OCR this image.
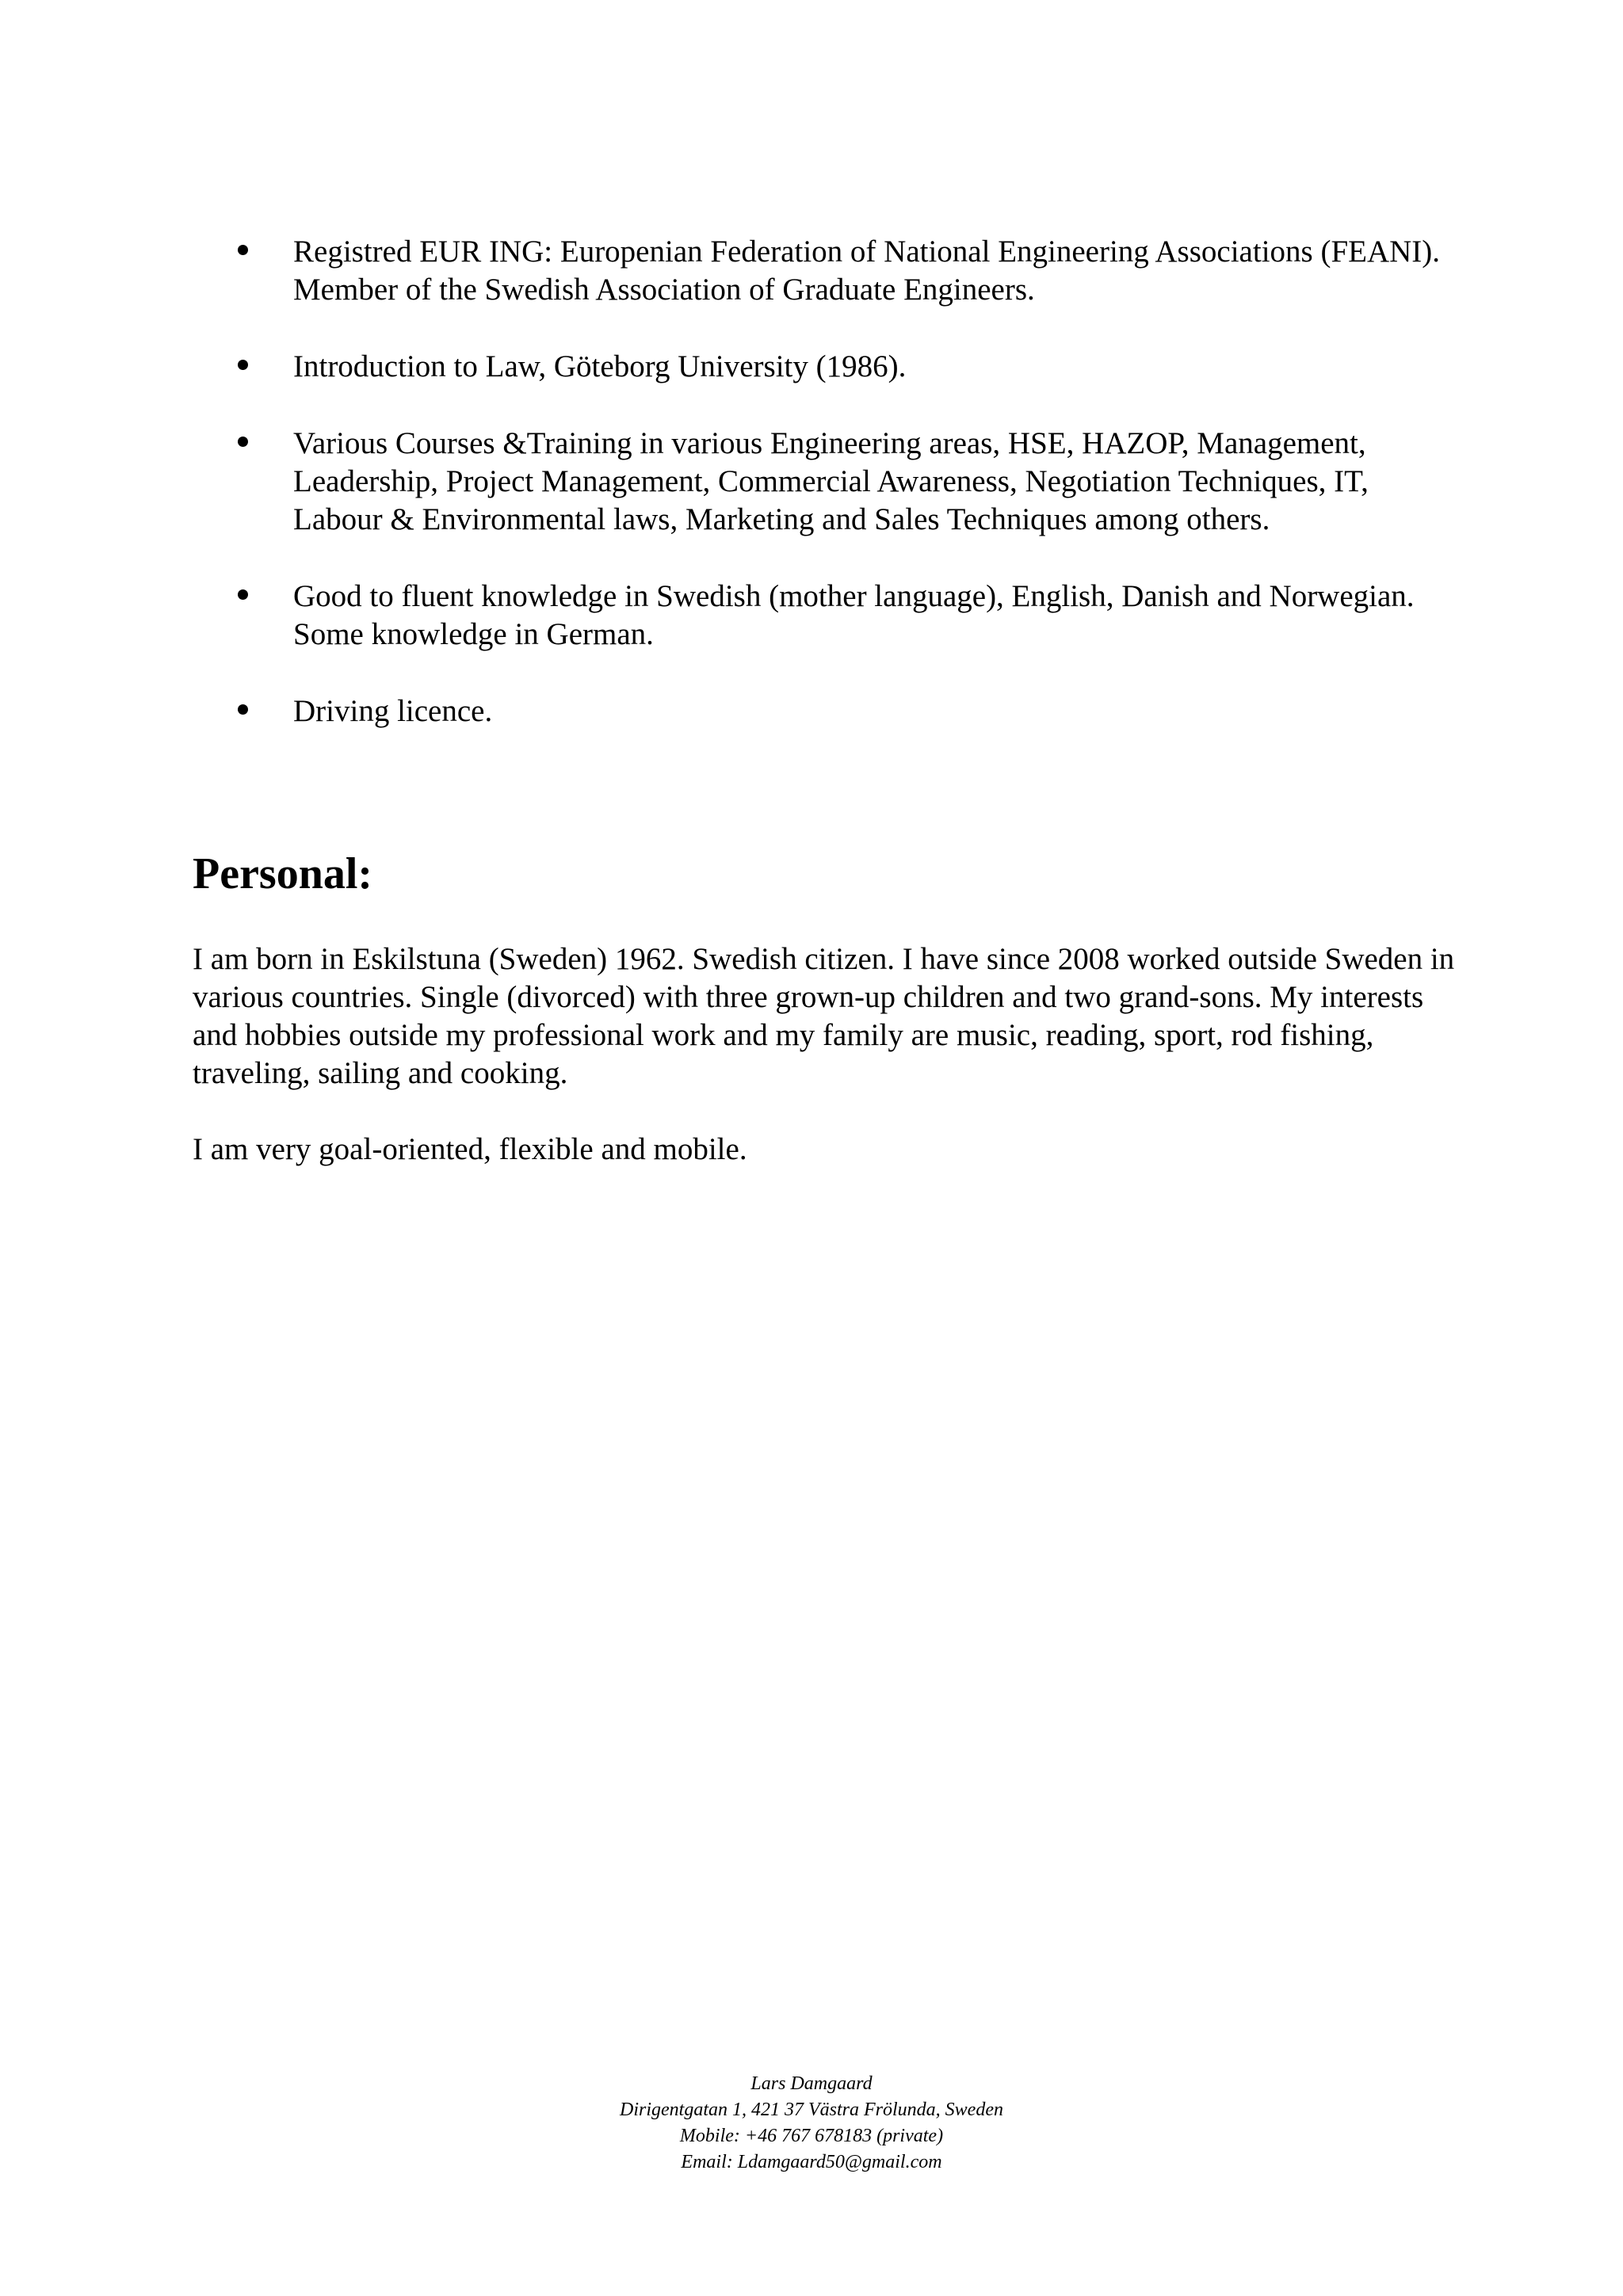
Registred EUR ING: Europenian Federation of National Engineering Associations (FEANI). Member of the Swedish Association of Graduate Engineers.
Introduction to Law, Göteborg University (1986).
Various Courses &Training in various Engineering areas, HSE, HAZOP, Management, Leadership, Project Management, Commercial Awareness, Negotiation Techniques, IT, Labour & Environmental laws, Marketing and Sales Techniques among others.
Good to fluent knowledge in Swedish (mother language), English, Danish and Norwegian. Some knowledge in German.
Driving licence.
Personal:

I am born in Eskilstuna (Sweden) 1962. Swedish citizen. I have since 2008 worked outside Sweden in various countries. Single (divorced) with three grown-up children and two grand-sons. My interests and hobbies outside my professional work and my family are music, reading, sport, rod fishing, traveling, sailing and cooking.

I am very goal-oriented, flexible and mobile.

Lars Damgaard
Dirigentgatan 1, 421 37 Västra Frölunda, Sweden
Mobile: +46 767 678183 (private)
Email: Ldamgaard50@gmail.com
